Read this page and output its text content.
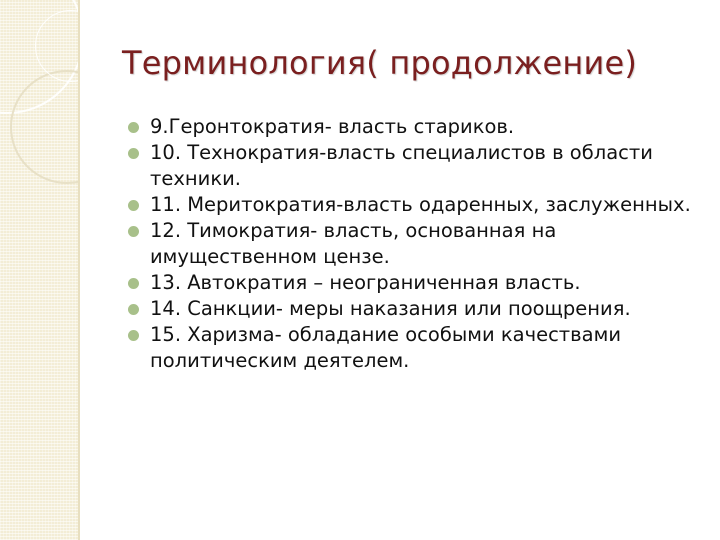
Терминология( продолжение)
9.Геронтократия- власть стариков.
10. Технократия-власть специалистов в области техники.
11. Меритократия-власть одаренных, заслуженных.
12. Тимократия- власть, основанная на имущественном цензе.
13. Автократия – неограниченная власть.
14. Санкции- меры наказания или поощрения.
15. Харизма- обладание особыми качествами политическим деятелем.
